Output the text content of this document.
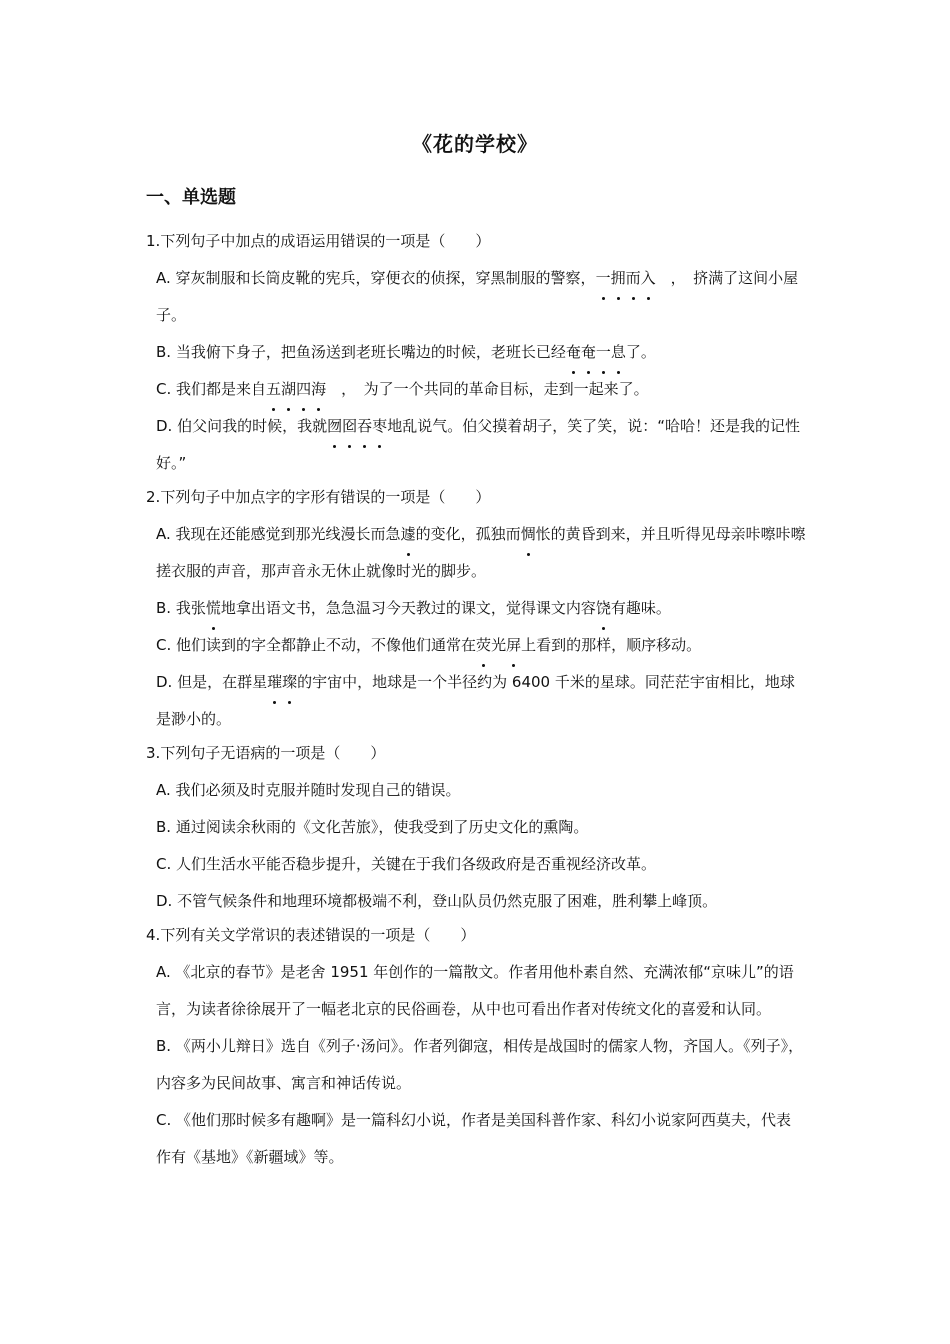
《花的学校》
一、单选题
1.下列句子中加点的成语运用错误的一项是（　　）
A. 穿灰制服和长筒皮靴的宪兵，穿便衣的侦探，穿黑制服的警察，一拥而入　，　挤满了这间小屋子。
B. 当我俯下身子，把鱼汤送到老班长嘴边的时候，老班长已经奄奄一息了。
C. 我们都是来自五湖四海　，　为了一个共同的革命目标，走到一起来了。
D. 伯父问我的时候，我就囫囵吞枣地乱说气。伯父摸着胡子，笑了笑，说：“哈哈！还是我的记性好。”
2.下列句子中加点字的字形有错误的一项是（　　）
A. 我现在还能感觉到那光线漫长而急遽的变化，孤独而惆怅的黄昏到来，并且听得见母亲咔嚓咔嚓搓衣服的声音，那声音永无休止就像时光的脚步。
B. 我张慌地拿出语文书，急急温习今天教过的课文，觉得课文内容饶有趣味。
C. 他们读到的字全都静止不动，不像他们通常在荧光屏上看到的那样，顺序移动。
D. 但是，在群星璀璨的宇宙中，地球是一个半径约为 6400 千米的星球。同茫茫宇宙相比，地球是渺小的。
3.下列句子无语病的一项是（　　）
A. 我们必须及时克服并随时发现自己的错误。
B. 通过阅读余秋雨的《文化苦旅》，使我受到了历史文化的熏陶。
C. 人们生活水平能否稳步提升，关键在于我们各级政府是否重视经济改革。
D. 不管气候条件和地理环境都极端不利，登山队员仍然克服了困难，胜利攀上峰顶。
4.下列有关文学常识的表述错误的一项是（　　）
A. 《北京的春节》是老舍 1951 年创作的一篇散文。作者用他朴素自然、充满浓郁“京味儿”的语言，为读者徐徐展开了一幅老北京的民俗画卷，从中也可看出作者对传统文化的喜爱和认同。
B. 《两小儿辩日》选自《列子·汤问》。作者列御寇，相传是战国时的儒家人物，齐国人。《列子》，内容多为民间故事、寓言和神话传说。
C. 《他们那时候多有趣啊》是一篇科幻小说，作者是美国科普作家、科幻小说家阿西莫夫，代表作有《基地》《新疆域》等。
